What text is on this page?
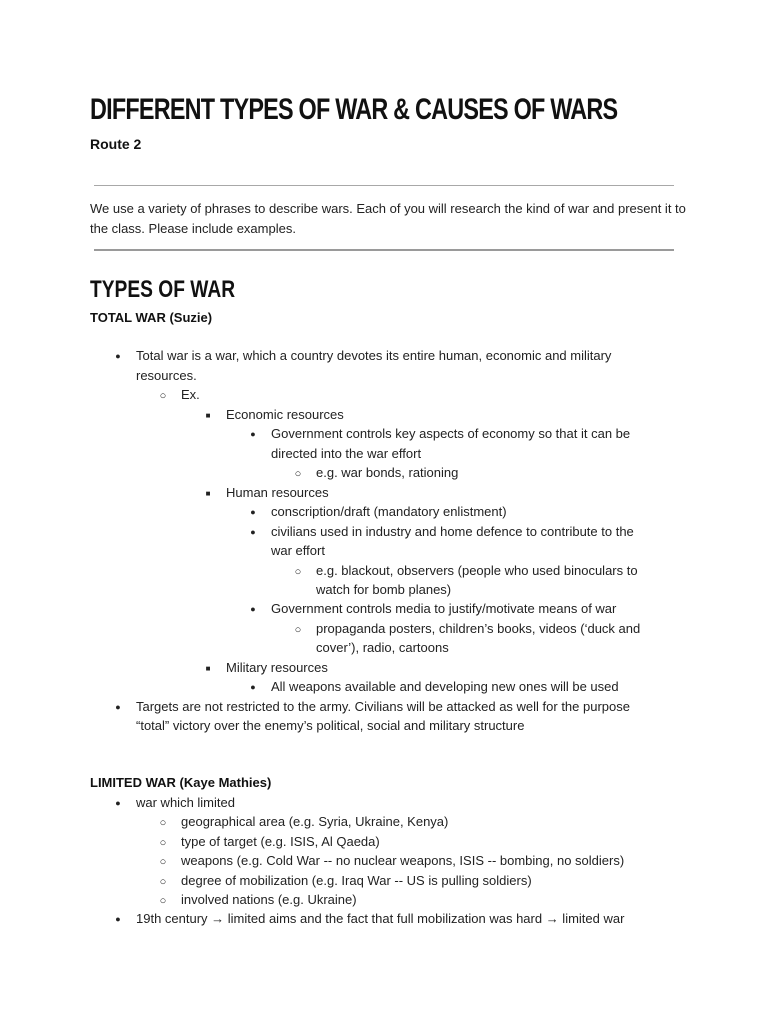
DIFFERENT TYPES OF WAR & CAUSES OF WARS

Route 2

We use a variety of phrases to describe wars. Each of you will research the kind of war and present it to the class. Please include examples.

TYPES OF WAR

TOTAL WAR (Suzie)

●
Total war is a war, which a country devotes its entire human, economic and military
resources.
○
Ex.
■
Economic resources
●
Government controls key aspects of economy so that it can be
directed into the war effort
○
e.g. war bonds, rationing
■
Human resources
●
conscription/draft (mandatory enlistment)
●
civilians used in industry and home defence to contribute to the
war effort
○
e.g. blackout, observers (people who used binoculars to
watch for bomb planes)
●
Government controls media to justify/motivate means of war
○
propaganda posters, children’s books, videos (‘duck and
cover’), radio, cartoons
■
Military resources
●
All weapons available and developing new ones will be used
●
Targets are not restricted to the army. Civilians will be attacked as well for the purpose
“total” victory over the enemy’s political, social and military structure

LIMITED WAR (Kaye Mathies)

●
war which limited
○
geographical area (e.g. Syria, Ukraine, Kenya)
○
type of target (e.g. ISIS, Al Qaeda)
○
weapons (e.g. Cold War -- no nuclear weapons, ISIS -- bombing, no soldiers)
○
degree of mobilization (e.g. Iraq War -- US is pulling soldiers)
○
involved nations (e.g. Ukraine)
●
19th century → limited aims and the fact that full mobilization was hard → limited war
